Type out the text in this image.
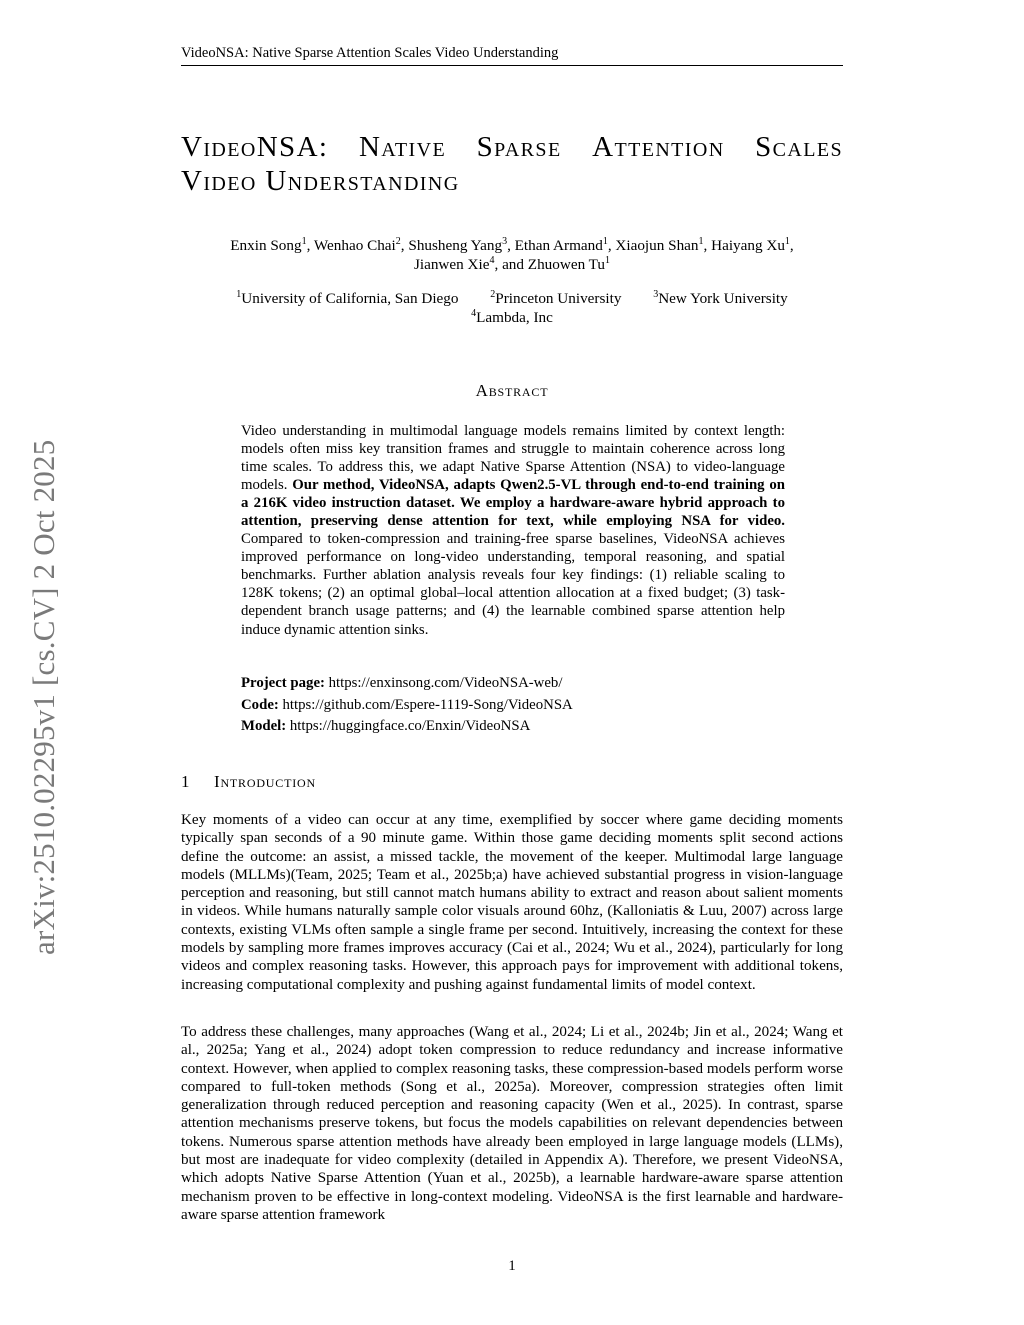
VideoNSA: Native Sparse Attention Scales Video Understanding
arXiv:2510.02295v1 [cs.CV] 2 Oct 2025
VideoNSA: Native Sparse Attention Scales
Video Understanding
Enxin Song$^1$, Wenhao Chai$^2$, Shusheng Yang$^3$, Ethan Armand$^1$, Xiaojun Shan$^1$, Haiyang Xu$^1$,
Jianwen Xie$^4$, and Zhuowen Tu$^1$
$^1$University of California, San Diego	$^2$Princeton University	$^3$New York University
$^4$Lambda, Inc
Abstract
Video understanding in multimodal language models remains limited by context length: models often miss key transition frames and struggle to maintain coherence across long time scales. To address this, we adapt Native Sparse Attention (NSA) to video-language models. Our method, VideoNSA, adapts Qwen2.5-VL through end-to-end training on a 216K video instruction dataset. We employ a hardware-aware hybrid approach to attention, preserving dense attention for text, while employing NSA for video. Compared to token-compression and training-free sparse baselines, VideoNSA achieves improved performance on long-video understanding, temporal reasoning, and spatial benchmarks. Further ablation analysis reveals four key findings: (1) reliable scaling to 128K tokens; (2) an optimal global–local attention allocation at a fixed budget; (3) task-dependent branch usage patterns; and (4) the learnable combined sparse attention help induce dynamic attention sinks.
Project page: https://enxinsong.com/VideoNSA-web/
Code: https://github.com/Espere-1119-Song/VideoNSA
Model: https://huggingface.co/Enxin/VideoNSA
1 Introduction
Key moments of a video can occur at any time, exemplified by soccer where game deciding moments typically span seconds of a 90 minute game. Within those game deciding moments split second actions define the outcome: an assist, a missed tackle, the movement of the keeper. Multimodal large language models (MLLMs)(Team, 2025; Team et al., 2025b;a) have achieved substantial progress in vision-language perception and reasoning, but still cannot match humans ability to extract and reason about salient moments in videos. While humans naturally sample color visuals around 60hz, (Kalloniatis & Luu, 2007) across large contexts, existing VLMs often sample a single frame per second. Intuitively, increasing the context for these models by sampling more frames improves accuracy (Cai et al., 2024; Wu et al., 2024), particularly for long videos and complex reasoning tasks. However, this approach pays for improvement with additional tokens, increasing computational complexity and pushing against fundamental limits of model context.
To address these challenges, many approaches (Wang et al., 2024; Li et al., 2024b; Jin et al., 2024; Wang et al., 2025a; Yang et al., 2024) adopt token compression to reduce redundancy and increase informative context. However, when applied to complex reasoning tasks, these compression-based models perform worse compared to full-token methods (Song et al., 2025a). Moreover, compression strategies often limit generalization through reduced perception and reasoning capacity (Wen et al., 2025). In contrast, sparse attention mechanisms preserve tokens, but focus the models capabilities on relevant dependencies between tokens. Numerous sparse attention methods have already been employed in large language models (LLMs), but most are inadequate for video complexity (detailed in Appendix A). Therefore, we present VideoNSA, which adopts Native Sparse Attention (Yuan et al., 2025b), a learnable hardware-aware sparse attention mechanism proven to be effective in long-context modeling. VideoNSA is the first learnable and hardware-aware sparse attention framework
1
